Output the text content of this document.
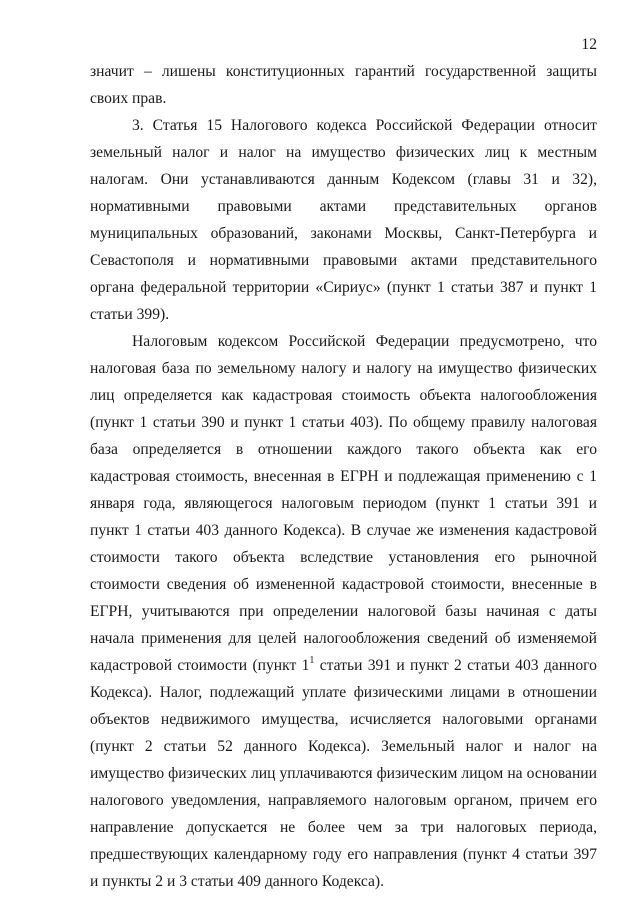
12
значит – лишены конституционных гарантий государственной защиты
своих прав.
3. Статья 15 Налогового кодекса Российской Федерации относит
земельный налог и налог на имущество физических лиц к местным
налогам. Они устанавливаются данным Кодексом (главы 31 и 32),
нормативными правовыми актами представительных органов
муниципальных образований, законами Москвы, Санкт-Петербурга и
Севастополя и нормативными правовыми актами представительного
органа федеральной территории «Сириус» (пункт 1 статьи 387 и пункт 1
статьи 399).
Налоговым кодексом Российской Федерации предусмотрено, что
налоговая база по земельному налогу и налогу на имущество физических
лиц определяется как кадастровая стоимость объекта налогообложения
(пункт 1 статьи 390 и пункт 1 статьи 403). По общему правилу налоговая
база определяется в отношении каждого такого объекта как его
кадастровая стоимость, внесенная в ЕГРН и подлежащая применению с 1
января года, являющегося налоговым периодом (пункт 1 статьи 391 и
пункт 1 статьи 403 данного Кодекса). В случае же изменения кадастровой
стоимости такого объекта вследствие установления его рыночной
стоимости сведения об измененной кадастровой стоимости, внесенные в
ЕГРН, учитываются при определении налоговой базы начиная с даты
начала применения для целей налогообложения сведений об изменяемой
кадастровой стоимости (пункт $1^1$ статьи 391 и пункт 2 статьи 403 данного
Кодекса). Налог, подлежащий уплате физическими лицами в отношении
объектов недвижимого имущества, исчисляется налоговыми органами
(пункт 2 статьи 52 данного Кодекса). Земельный налог и налог на
имущество физических лиц уплачиваются физическим лицом на основании
налогового уведомления, направляемого налоговым органом, причем его
направление допускается не более чем за три налоговых периода,
предшествующих календарному году его направления (пункт 4 статьи 397
и пункты 2 и 3 статьи 409 данного Кодекса).
